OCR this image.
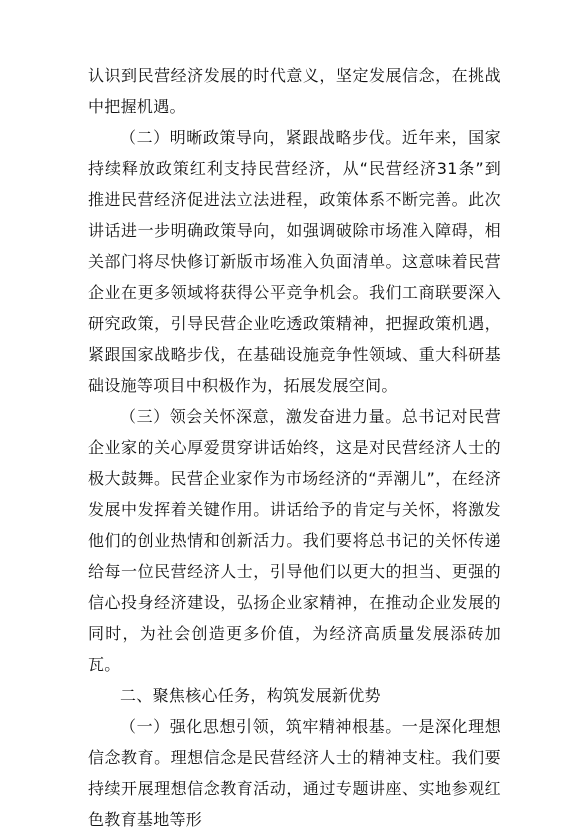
认识到民营经济发展的时代意义，坚定发展信念，在挑战中把握机遇。

（二）明晰政策导向，紧跟战略步伐。近年来，国家持续释放政策红利支持民营经济，从“民营经济31条”到推进民营经济促进法立法进程，政策体系不断完善。此次讲话进一步明确政策导向，如强调破除市场准入障碍，相关部门将尽快修订新版市场准入负面清单。这意味着民营企业在更多领域将获得公平竞争机会。我们工商联要深入研究政策，引导民营企业吃透政策精神，把握政策机遇，紧跟国家战略步伐，在基础设施竞争性领域、重大科研基础设施等项目中积极作为，拓展发展空间。

（三）领会关怀深意，激发奋进力量。总书记对民营企业家的关心厚爱贯穿讲话始终，这是对民营经济人士的极大鼓舞。民营企业家作为市场经济的“弄潮儿”，在经济发展中发挥着关键作用。讲话给予的肯定与关怀，将激发他们的创业热情和创新活力。我们要将总书记的关怀传递给每一位民营经济人士，引导他们以更大的担当、更强的信心投身经济建设，弘扬企业家精神，在推动企业发展的同时，为社会创造更多价值，为经济高质量发展添砖加瓦。

二、聚焦核心任务，构筑发展新优势

（一）强化思想引领，筑牢精神根基。一是深化理想信念教育。理想信念是民营经济人士的精神支柱。我们要持续开展理想信念教育活动，通过专题讲座、实地参观红色教育基地等形
